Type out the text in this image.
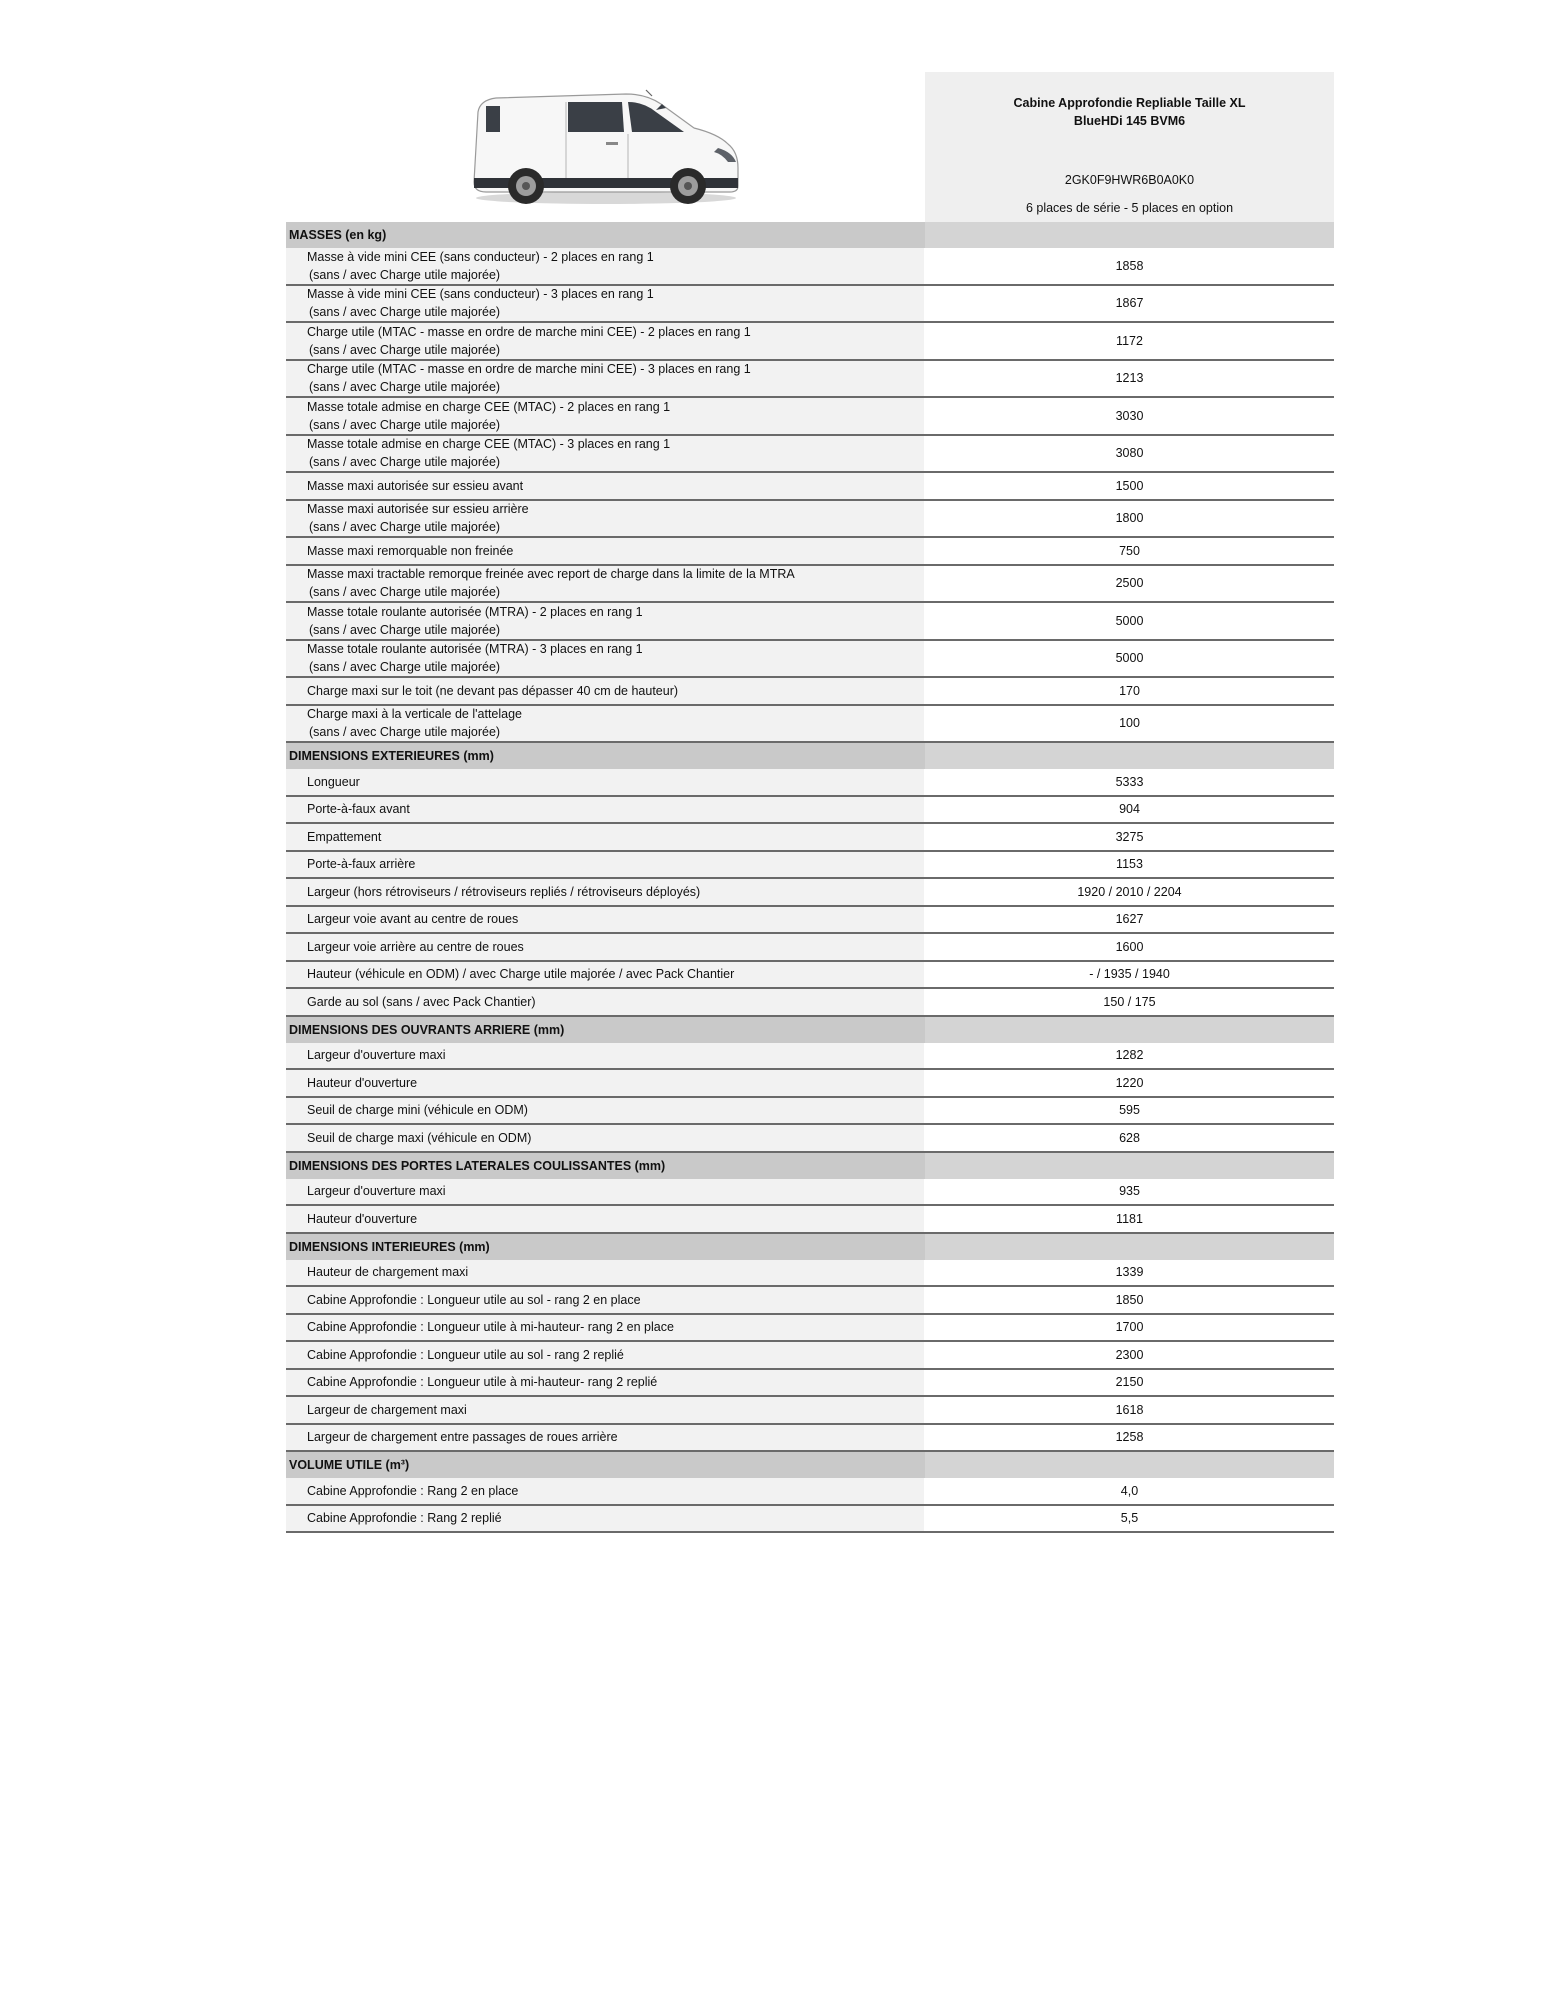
Cabine Approfondie Repliable Taille XL
BlueHDi 145 BVM6
2GK0F9HWR6B0A0K0
6 places de série - 5 places en option
MASSES (en kg)
Masse à vide mini CEE (sans conducteur) - 2 places en rang 1
(sans / avec Charge utile majorée)
1858
Masse à vide mini CEE (sans conducteur) - 3 places en rang 1
(sans / avec Charge utile majorée)
1867
Charge utile (MTAC - masse en ordre de marche mini CEE) - 2 places en rang 1
(sans / avec Charge utile majorée)
1172
Charge utile (MTAC - masse en ordre de marche mini CEE) - 3 places en rang 1
(sans / avec Charge utile majorée)
1213
Masse totale admise en charge CEE (MTAC) - 2 places en rang 1
(sans / avec Charge utile majorée)
3030
Masse totale admise en charge CEE (MTAC) - 3 places en rang 1
(sans / avec Charge utile majorée)
3080
Masse maxi autorisée sur essieu avant	1500
Masse maxi autorisée sur essieu arrière
(sans / avec Charge utile majorée)
1800
Masse maxi remorquable non freinée	750
Masse maxi tractable remorque freinée avec report de charge dans la limite de la MTRA
(sans / avec Charge utile majorée)
2500
Masse totale roulante autorisée (MTRA) - 2 places en rang 1
(sans / avec Charge utile majorée)
5000
Masse totale roulante autorisée (MTRA) - 3 places en rang 1
(sans / avec Charge utile majorée)
5000
Charge maxi sur le toit (ne devant pas dépasser 40 cm de hauteur)	170
Charge maxi à la verticale de l'attelage
(sans / avec Charge utile majorée)
100
DIMENSIONS EXTERIEURES (mm)
Longueur	5333
Porte-à-faux avant	904
Empattement	3275
Porte-à-faux arrière	1153
Largeur (hors rétroviseurs / rétroviseurs repliés / rétroviseurs déployés)	1920 / 2010 / 2204
Largeur voie avant au centre de roues	1627
Largeur voie arrière au centre de roues	1600
Hauteur (véhicule en ODM) / avec Charge utile majorée / avec Pack Chantier	- / 1935 / 1940
Garde au sol (sans / avec Pack Chantier)	150 / 175
DIMENSIONS DES OUVRANTS ARRIERE (mm)
Largeur d'ouverture maxi	1282
Hauteur d'ouverture	1220
Seuil de charge mini (véhicule en ODM)	595
Seuil de charge maxi (véhicule en ODM)	628
DIMENSIONS DES PORTES LATERALES COULISSANTES (mm)
Largeur d'ouverture maxi	935
Hauteur d'ouverture	1181
DIMENSIONS INTERIEURES (mm)
Hauteur de chargement maxi	1339
Cabine Approfondie : Longueur utile au sol - rang 2 en place	1850
Cabine Approfondie : Longueur utile à mi-hauteur- rang 2 en place	1700
Cabine Approfondie : Longueur utile au sol - rang 2 replié	2300
Cabine Approfondie : Longueur utile à mi-hauteur- rang 2 replié	2150
Largeur de chargement maxi	1618
Largeur de chargement entre passages de roues arrière	1258
VOLUME UTILE (m³)
Cabine Approfondie : Rang 2 en place	4,0
Cabine Approfondie : Rang 2 replié	5,5
